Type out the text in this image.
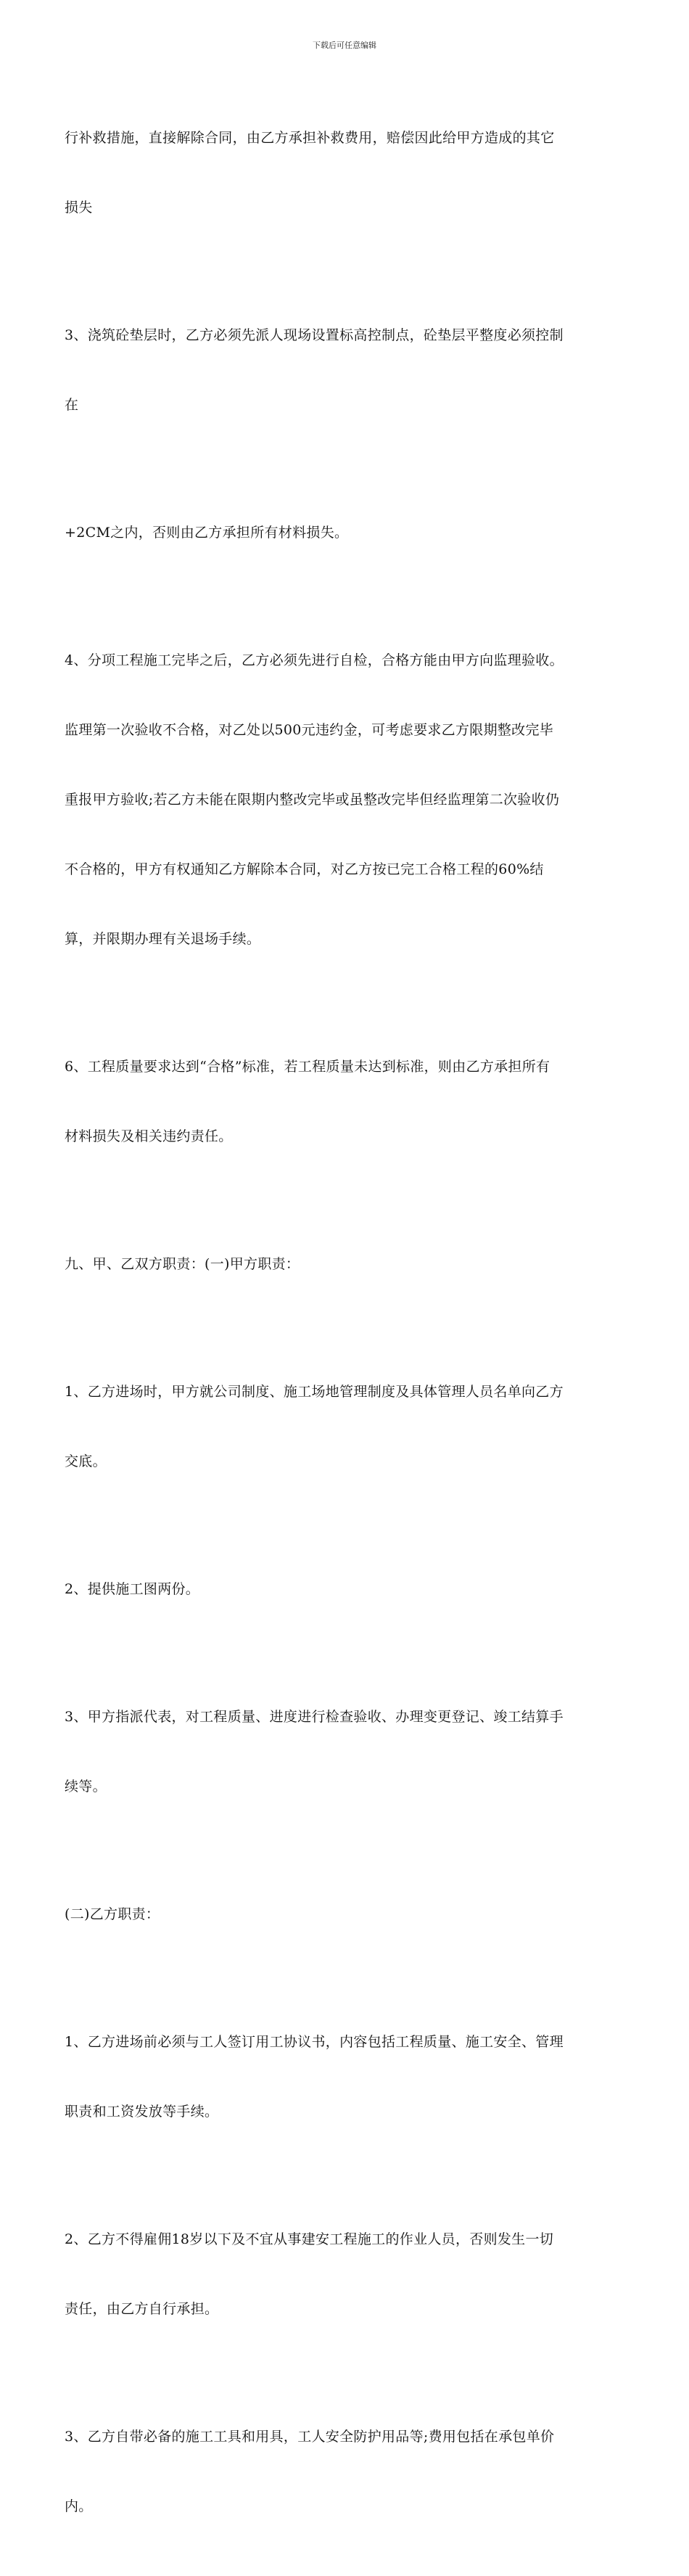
下载后可任意编辑

行补救措施，直接解除合同，由乙方承担补救费用，赔偿因此给甲方造成的其它

损失

3、浇筑砼垫层时，乙方必须先派人现场设置标高控制点，砼垫层平整度必须控制

在

+2CM之内，否则由乙方承担所有材料损失。

4、分项工程施工完毕之后，乙方必须先进行自检，合格方能由甲方向监理验收。

监理第一次验收不合格，对乙处以500元违约金，可考虑要求乙方限期整改完毕

重报甲方验收;若乙方未能在限期内整改完毕或虽整改完毕但经监理第二次验收仍

不合格的，甲方有权通知乙方解除本合同，对乙方按已完工合格工程的60%结

算，并限期办理有关退场手续。

6、工程质量要求达到“合格”标准，若工程质量未达到标准，则由乙方承担所有

材料损失及相关违约责任。

九、甲、乙双方职责：(一)甲方职责：

1、乙方进场时，甲方就公司制度、施工场地管理制度及具体管理人员名单向乙方

交底。

2、提供施工图两份。

3、甲方指派代表，对工程质量、进度进行检查验收、办理变更登记、竣工结算手

续等。

(二)乙方职责：

1、乙方进场前必须与工人签订用工协议书，内容包括工程质量、施工安全、管理

职责和工资发放等手续。

2、乙方不得雇佣18岁以下及不宜从事建安工程施工的作业人员，否则发生一切

责任，由乙方自行承担。

3、乙方自带必备的施工工具和用具，工人安全防护用品等;费用包括在承包单价

内。
